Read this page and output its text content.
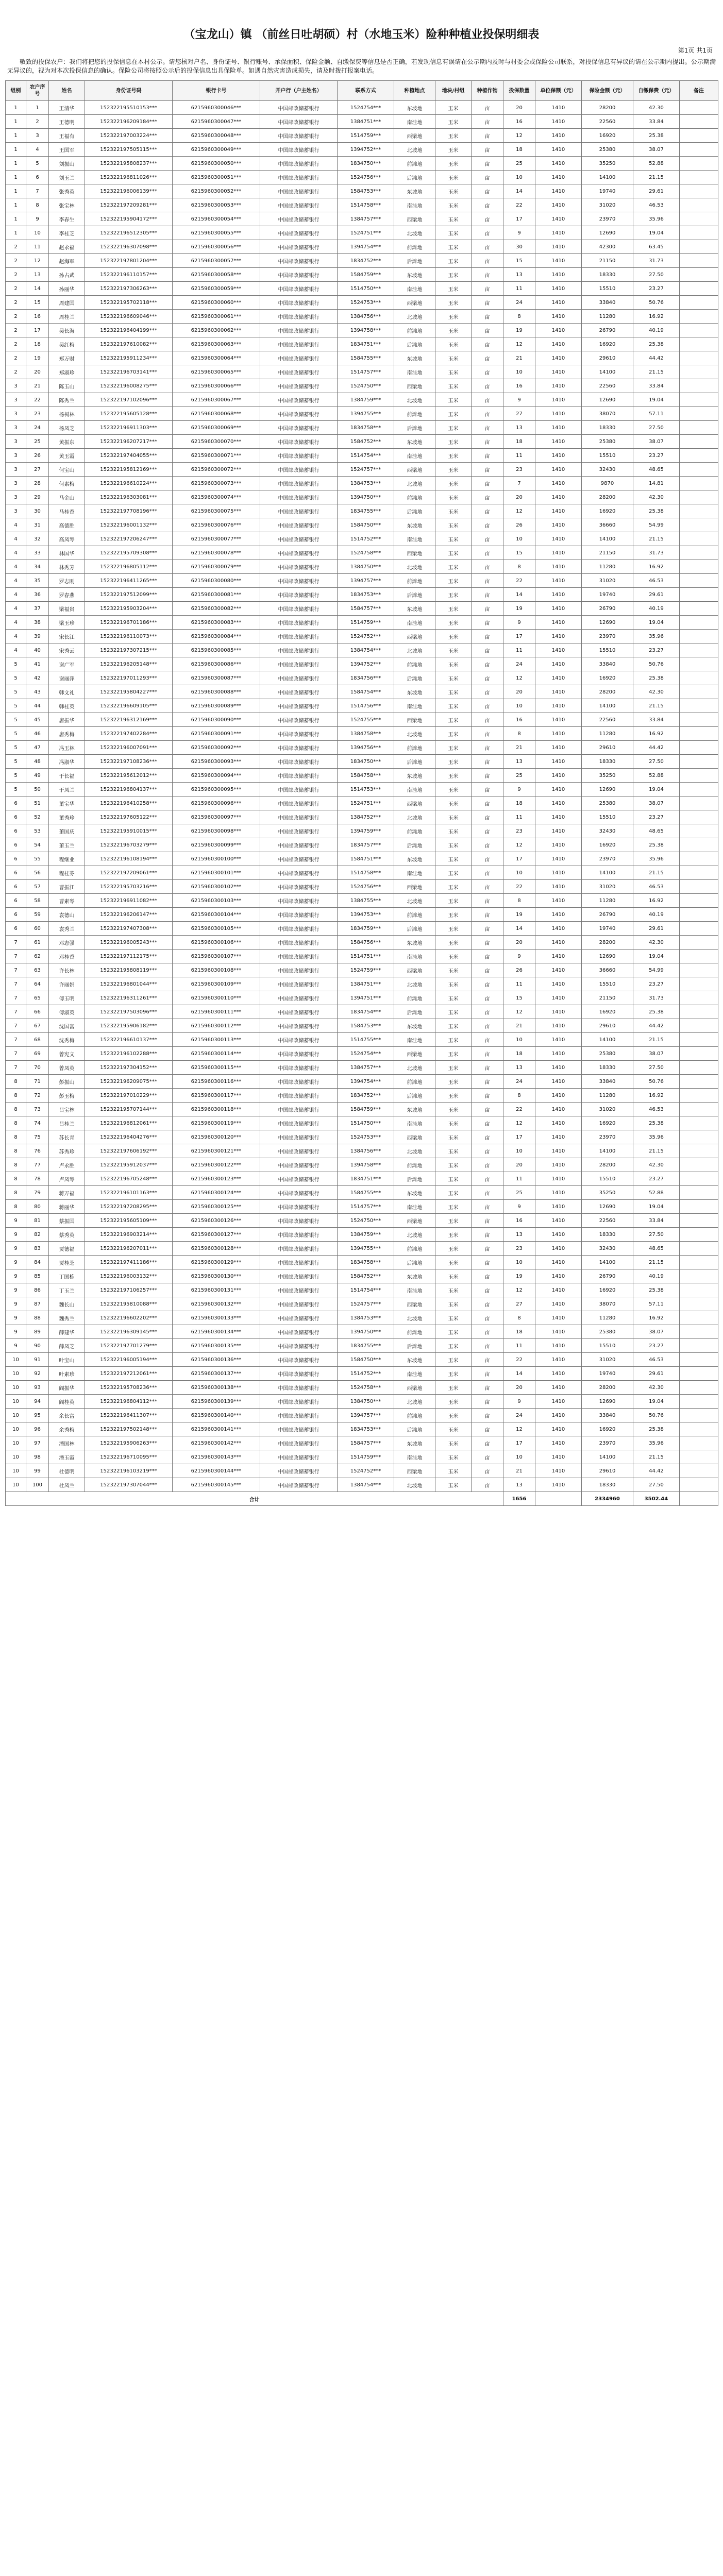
（宝龙山）镇 （前丝日吐胡硕）村（水地玉米）险种种植业投保明细表
第1页 共1页
敬致的投保农户：我们将把您的投保信息在本村公示。请您核对户名、身份证号、银行账号、承保面积、保险金额、自缴保费等信息是否正确，若发现信息有误请在公示期内及时与村委会或保险公司联系，对投保信息有异议的请在公示期内提出。公示期满无异议的，视为对本次投保信息的确认。保险公司将按照公示后的投保信息出具保险单。如遇自然灾害造成损失，请及时拨打报案电话。
组别	农户序号	姓名	身份证号码	银行卡号	开户行（户主姓名）	联系方式	种植地点	地块/村组	种植作物	投保数量	单位保额（元）	保险金额（元）	自缴保费（元）	备注
1	1	王清华	152322195510153***	6215960300046***	中国邮政储蓄银行	1524754***	东坡地	玉米	亩	20	1410	28200	42.30	
1	2	王德明	152322196209184***	6215960300047***	中国邮政储蓄银行	1384751***	南洼地	玉米	亩	16	1410	22560	33.84	
1	3	王福有	152322197003224***	6215960300048***	中国邮政储蓄银行	1514759***	西梁地	玉米	亩	12	1410	16920	25.38	
1	4	王国军	152322197505115***	6215960300049***	中国邮政储蓄银行	1394752***	北坡地	玉米	亩	18	1410	25380	38.07	
1	5	刘振山	152322195808237***	6215960300050***	中国邮政储蓄银行	1834750***	前滩地	玉米	亩	25	1410	35250	52.88	
1	6	刘玉兰	152322196811026***	6215960300051***	中国邮政储蓄银行	1524756***	后滩地	玉米	亩	10	1410	14100	21.15	
1	7	张秀英	152322196006139***	6215960300052***	中国邮政储蓄银行	1584753***	东坡地	玉米	亩	14	1410	19740	29.61	
1	8	张宝林	152322197209281***	6215960300053***	中国邮政储蓄银行	1514758***	南洼地	玉米	亩	22	1410	31020	46.53	
1	9	李春生	152322195904172***	6215960300054***	中国邮政储蓄银行	1384757***	西梁地	玉米	亩	17	1410	23970	35.96	
1	10	李桂芝	152322196512305***	6215960300055***	中国邮政储蓄银行	1524751***	北坡地	玉米	亩	9	1410	12690	19.04	
2	11	赵永福	152322196307098***	6215960300056***	中国邮政储蓄银行	1394754***	前滩地	玉米	亩	30	1410	42300	63.45	
2	12	赵海军	152322197801204***	6215960300057***	中国邮政储蓄银行	1834752***	后滩地	玉米	亩	15	1410	21150	31.73	
2	13	孙占武	152322196110157***	6215960300058***	中国邮政储蓄银行	1584759***	东坡地	玉米	亩	13	1410	18330	27.50	
2	14	孙丽华	152322197306263***	6215960300059***	中国邮政储蓄银行	1514750***	南洼地	玉米	亩	11	1410	15510	23.27	
2	15	周建国	152322195702118***	6215960300060***	中国邮政储蓄银行	1524753***	西梁地	玉米	亩	24	1410	33840	50.76	
2	16	周桂兰	152322196609046***	6215960300061***	中国邮政储蓄银行	1384756***	北坡地	玉米	亩	8	1410	11280	16.92	
2	17	吴长海	152322196404199***	6215960300062***	中国邮政储蓄银行	1394758***	前滩地	玉米	亩	19	1410	26790	40.19	
2	18	吴红梅	152322197610082***	6215960300063***	中国邮政储蓄银行	1834751***	后滩地	玉米	亩	12	1410	16920	25.38	
2	19	郑万财	152322195911234***	6215960300064***	中国邮政储蓄银行	1584755***	东坡地	玉米	亩	21	1410	29610	44.42	
2	20	郑淑珍	152322196703141***	6215960300065***	中国邮政储蓄银行	1514757***	南洼地	玉米	亩	10	1410	14100	21.15	
3	21	陈玉山	152322196008275***	6215960300066***	中国邮政储蓄银行	1524750***	西梁地	玉米	亩	16	1410	22560	33.84	
3	22	陈秀兰	152322197102096***	6215960300067***	中国邮政储蓄银行	1384759***	北坡地	玉米	亩	9	1410	12690	19.04	
3	23	杨树林	152322195605128***	6215960300068***	中国邮政储蓄银行	1394755***	前滩地	玉米	亩	27	1410	38070	57.11	
3	24	杨凤芝	152322196911303***	6215960300069***	中国邮政储蓄银行	1834758***	后滩地	玉米	亩	13	1410	18330	27.50	
3	25	黄振东	152322196207217***	6215960300070***	中国邮政储蓄银行	1584752***	东坡地	玉米	亩	18	1410	25380	38.07	
3	26	黄玉霞	152322197404055***	6215960300071***	中国邮政储蓄银行	1514754***	南洼地	玉米	亩	11	1410	15510	23.27	
3	27	何宝山	152322195812169***	6215960300072***	中国邮政储蓄银行	1524757***	西梁地	玉米	亩	23	1410	32430	48.65	
3	28	何素梅	152322196610224***	6215960300073***	中国邮政储蓄银行	1384753***	北坡地	玉米	亩	7	1410	9870	14.81	
3	29	马金山	152322196303081***	6215960300074***	中国邮政储蓄银行	1394750***	前滩地	玉米	亩	20	1410	28200	42.30	
3	30	马桂香	152322197708196***	6215960300075***	中国邮政储蓄银行	1834755***	后滩地	玉米	亩	12	1410	16920	25.38	
4	31	高德胜	152322196001132***	6215960300076***	中国邮政储蓄银行	1584750***	东坡地	玉米	亩	26	1410	36660	54.99	
4	32	高凤琴	152322197206247***	6215960300077***	中国邮政储蓄银行	1514752***	南洼地	玉米	亩	10	1410	14100	21.15	
4	33	林国华	152322195709308***	6215960300078***	中国邮政储蓄银行	1524758***	西梁地	玉米	亩	15	1410	21150	31.73	
4	34	林秀芳	152322196805112***	6215960300079***	中国邮政储蓄银行	1384750***	北坡地	玉米	亩	8	1410	11280	16.92	
4	35	罗志刚	152322196411265***	6215960300080***	中国邮政储蓄银行	1394757***	前滩地	玉米	亩	22	1410	31020	46.53	
4	36	罗春燕	152322197512099***	6215960300081***	中国邮政储蓄银行	1834753***	后滩地	玉米	亩	14	1410	19740	29.61	
4	37	梁福贵	152322195903204***	6215960300082***	中国邮政储蓄银行	1584757***	东坡地	玉米	亩	19	1410	26790	40.19	
4	38	梁玉珍	152322196701186***	6215960300083***	中国邮政储蓄银行	1514759***	南洼地	玉米	亩	9	1410	12690	19.04	
4	39	宋长江	152322196110073***	6215960300084***	中国邮政储蓄银行	1524752***	西梁地	玉米	亩	17	1410	23970	35.96	
4	40	宋秀云	152322197307215***	6215960300085***	中国邮政储蓄银行	1384754***	北坡地	玉米	亩	11	1410	15510	23.27	
5	41	谢广军	152322196205148***	6215960300086***	中国邮政储蓄银行	1394752***	前滩地	玉米	亩	24	1410	33840	50.76	
5	42	谢丽萍	152322197011293***	6215960300087***	中国邮政储蓄银行	1834756***	后滩地	玉米	亩	12	1410	16920	25.38	
5	43	韩文礼	152322195804227***	6215960300088***	中国邮政储蓄银行	1584754***	东坡地	玉米	亩	20	1410	28200	42.30	
5	44	韩桂英	152322196609105***	6215960300089***	中国邮政储蓄银行	1514756***	南洼地	玉米	亩	10	1410	14100	21.15	
5	45	唐振华	152322196312169***	6215960300090***	中国邮政储蓄银行	1524755***	西梁地	玉米	亩	16	1410	22560	33.84	
5	46	唐秀梅	152322197402284***	6215960300091***	中国邮政储蓄银行	1384758***	北坡地	玉米	亩	8	1410	11280	16.92	
5	47	冯玉林	152322196007091***	6215960300092***	中国邮政储蓄银行	1394756***	前滩地	玉米	亩	21	1410	29610	44.42	
5	48	冯淑华	152322197108236***	6215960300093***	中国邮政储蓄银行	1834750***	后滩地	玉米	亩	13	1410	18330	27.50	
5	49	于长福	152322195612012***	6215960300094***	中国邮政储蓄银行	1584758***	东坡地	玉米	亩	25	1410	35250	52.88	
5	50	于凤兰	152322196804137***	6215960300095***	中国邮政储蓄银行	1514753***	南洼地	玉米	亩	9	1410	12690	19.04	
6	51	董宝华	152322196410258***	6215960300096***	中国邮政储蓄银行	1524751***	西梁地	玉米	亩	18	1410	25380	38.07	
6	52	董秀珍	152322197605122***	6215960300097***	中国邮政储蓄银行	1384752***	北坡地	玉米	亩	11	1410	15510	23.27	
6	53	萧国庆	152322195910015***	6215960300098***	中国邮政储蓄银行	1394759***	前滩地	玉米	亩	23	1410	32430	48.65	
6	54	萧玉兰	152322196703279***	6215960300099***	中国邮政储蓄银行	1834757***	后滩地	玉米	亩	12	1410	16920	25.38	
6	55	程继业	152322196108194***	6215960300100***	中国邮政储蓄银行	1584751***	东坡地	玉米	亩	17	1410	23970	35.96	
6	56	程桂芬	152322197209061***	6215960300101***	中国邮政储蓄银行	1514758***	南洼地	玉米	亩	10	1410	14100	21.15	
6	57	曹振江	152322195703216***	6215960300102***	中国邮政储蓄银行	1524756***	西梁地	玉米	亩	22	1410	31020	46.53	
6	58	曹素琴	152322196911082***	6215960300103***	中国邮政储蓄银行	1384755***	北坡地	玉米	亩	8	1410	11280	16.92	
6	59	袁德山	152322196206147***	6215960300104***	中国邮政储蓄银行	1394753***	前滩地	玉米	亩	19	1410	26790	40.19	
6	60	袁秀兰	152322197407308***	6215960300105***	中国邮政储蓄银行	1834759***	后滩地	玉米	亩	14	1410	19740	29.61	
7	61	邓志强	152322196005243***	6215960300106***	中国邮政储蓄银行	1584756***	东坡地	玉米	亩	20	1410	28200	42.30	
7	62	邓桂香	152322197112175***	6215960300107***	中国邮政储蓄银行	1514751***	南洼地	玉米	亩	9	1410	12690	19.04	
7	63	许长林	152322195808119***	6215960300108***	中国邮政储蓄银行	1524759***	西梁地	玉米	亩	26	1410	36660	54.99	
7	64	许丽娟	152322196801044***	6215960300109***	中国邮政储蓄银行	1384751***	北坡地	玉米	亩	11	1410	15510	23.27	
7	65	傅玉明	152322196311261***	6215960300110***	中国邮政储蓄银行	1394751***	前滩地	玉米	亩	15	1410	21150	31.73	
7	66	傅淑英	152322197503096***	6215960300111***	中国邮政储蓄银行	1834754***	后滩地	玉米	亩	12	1410	16920	25.38	
7	67	沈国富	152322195906182***	6215960300112***	中国邮政储蓄银行	1584753***	东坡地	玉米	亩	21	1410	29610	44.42	
7	68	沈秀梅	152322196610137***	6215960300113***	中国邮政储蓄银行	1514755***	南洼地	玉米	亩	10	1410	14100	21.15	
7	69	曾宪文	152322196102288***	6215960300114***	中国邮政储蓄银行	1524754***	西梁地	玉米	亩	18	1410	25380	38.07	
7	70	曾凤英	152322197304152***	6215960300115***	中国邮政储蓄银行	1384757***	北坡地	玉米	亩	13	1410	18330	27.50	
8	71	彭振山	152322196209075***	6215960300116***	中国邮政储蓄银行	1394754***	前滩地	玉米	亩	24	1410	33840	50.76	
8	72	彭玉梅	152322197010229***	6215960300117***	中国邮政储蓄银行	1834752***	后滩地	玉米	亩	8	1410	11280	16.92	
8	73	吕宝林	152322195707144***	6215960300118***	中国邮政储蓄银行	1584759***	东坡地	玉米	亩	22	1410	31020	46.53	
8	74	吕桂兰	152322196812061***	6215960300119***	中国邮政储蓄银行	1514750***	南洼地	玉米	亩	12	1410	16920	25.38	
8	75	苏长青	152322196404276***	6215960300120***	中国邮政储蓄银行	1524753***	西梁地	玉米	亩	17	1410	23970	35.96	
8	76	苏秀珍	152322197606192***	6215960300121***	中国邮政储蓄银行	1384756***	北坡地	玉米	亩	10	1410	14100	21.15	
8	77	卢永胜	152322195912037***	6215960300122***	中国邮政储蓄银行	1394758***	前滩地	玉米	亩	20	1410	28200	42.30	
8	78	卢凤琴	152322196705248***	6215960300123***	中国邮政储蓄银行	1834751***	后滩地	玉米	亩	11	1410	15510	23.27	
8	79	蒋万福	152322196101163***	6215960300124***	中国邮政储蓄银行	1584755***	东坡地	玉米	亩	25	1410	35250	52.88	
8	80	蒋丽华	152322197208295***	6215960300125***	中国邮政储蓄银行	1514757***	南洼地	玉米	亩	9	1410	12690	19.04	
9	81	蔡振国	152322195605109***	6215960300126***	中国邮政储蓄银行	1524750***	西梁地	玉米	亩	16	1410	22560	33.84	
9	82	蔡秀英	152322196903214***	6215960300127***	中国邮政储蓄银行	1384759***	北坡地	玉米	亩	13	1410	18330	27.50	
9	83	贾德福	152322196207011***	6215960300128***	中国邮政储蓄银行	1394755***	前滩地	玉米	亩	23	1410	32430	48.65	
9	84	贾桂芝	152322197411186***	6215960300129***	中国邮政储蓄银行	1834758***	后滩地	玉米	亩	10	1410	14100	21.15	
9	85	丁国栋	152322196003132***	6215960300130***	中国邮政储蓄银行	1584752***	东坡地	玉米	亩	19	1410	26790	40.19	
9	86	丁玉兰	152322197106257***	6215960300131***	中国邮政储蓄银行	1514754***	南洼地	玉米	亩	12	1410	16920	25.38	
9	87	魏长山	152322195810088***	6215960300132***	中国邮政储蓄银行	1524757***	西梁地	玉米	亩	27	1410	38070	57.11	
9	88	魏秀兰	152322196602202***	6215960300133***	中国邮政储蓄银行	1384753***	北坡地	玉米	亩	8	1410	11280	16.92	
9	89	薛建华	152322196309145***	6215960300134***	中国邮政储蓄银行	1394750***	前滩地	玉米	亩	18	1410	25380	38.07	
9	90	薛凤芝	152322197701279***	6215960300135***	中国邮政储蓄银行	1834755***	后滩地	玉米	亩	11	1410	15510	23.27	
10	91	叶宝山	152322196005194***	6215960300136***	中国邮政储蓄银行	1584750***	东坡地	玉米	亩	22	1410	31020	46.53	
10	92	叶素珍	152322197212061***	6215960300137***	中国邮政储蓄银行	1514752***	南洼地	玉米	亩	14	1410	19740	29.61	
10	93	阎振华	152322195708236***	6215960300138***	中国邮政储蓄银行	1524758***	西梁地	玉米	亩	20	1410	28200	42.30	
10	94	阎桂英	152322196804112***	6215960300139***	中国邮政储蓄银行	1384750***	北坡地	玉米	亩	9	1410	12690	19.04	
10	95	余长富	152322196411307***	6215960300140***	中国邮政储蓄银行	1394757***	前滩地	玉米	亩	24	1410	33840	50.76	
10	96	余秀梅	152322197502148***	6215960300141***	中国邮政储蓄银行	1834753***	后滩地	玉米	亩	12	1410	16920	25.38	
10	97	潘国林	152322195906263***	6215960300142***	中国邮政储蓄银行	1584757***	东坡地	玉米	亩	17	1410	23970	35.96	
10	98	潘玉霞	152322196710095***	6215960300143***	中国邮政储蓄银行	1514759***	南洼地	玉米	亩	10	1410	14100	21.15	
10	99	杜德明	152322196103219***	6215960300144***	中国邮政储蓄银行	1524752***	西梁地	玉米	亩	21	1410	29610	44.42	
10	100	杜凤兰	152322197307044***	6215960300145***	中国邮政储蓄银行	1384754***	北坡地	玉米	亩	13	1410	18330	27.50	
合计										1656		2334960	3502.44	
